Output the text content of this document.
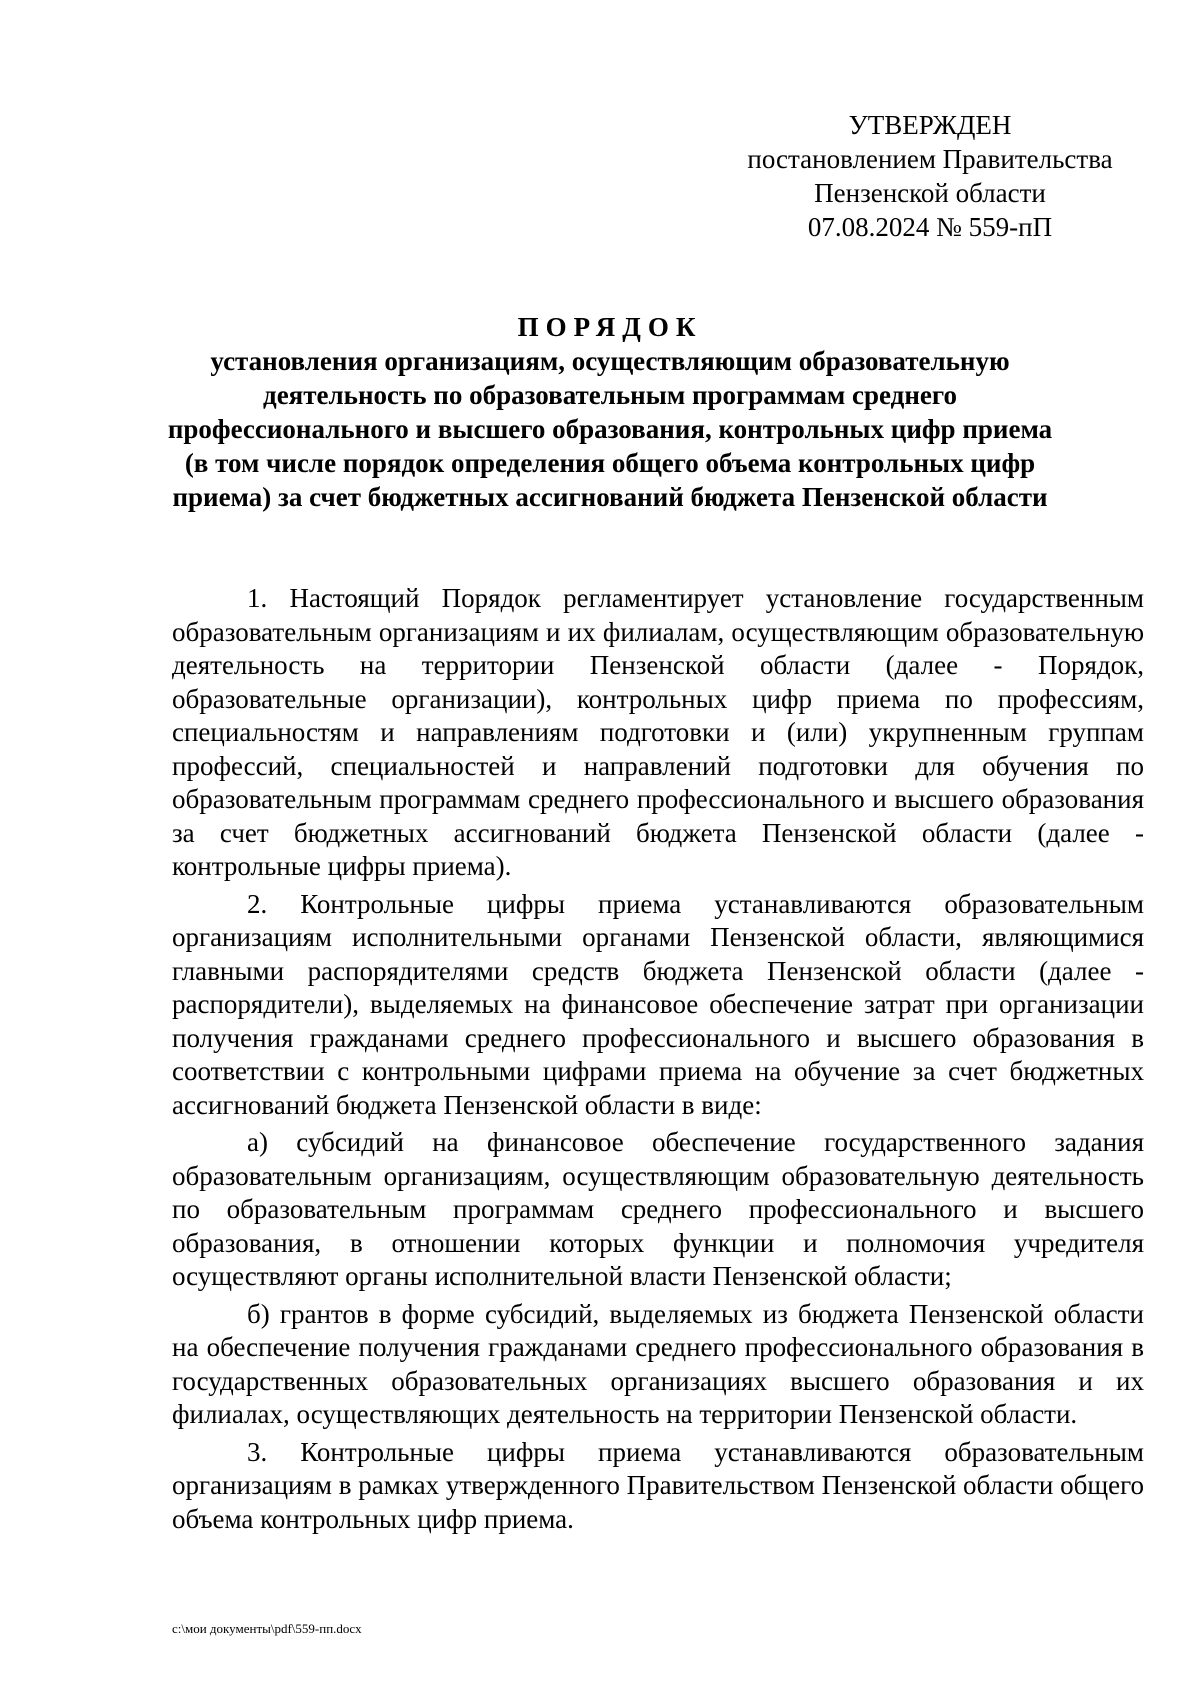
УТВЕРЖДЕН
постановлением Правительства
Пензенской области
07.08.2024 № 559-пП
ПОРЯДОК
установления организациям, осуществляющим образовательную
деятельность по образовательным программам среднего
профессионального и высшего образования, контрольных цифр приема
(в том числе порядок определения общего объема контрольных цифр
приема) за счет бюджетных ассигнований бюджета Пензенской области

1. Настоящий Порядок регламентирует установление государственным образовательным организациям и их филиалам, осуществляющим образовательную деятельность на территории Пензенской области (далее - Порядок, образовательные организации), контрольных цифр приема по профессиям, специальностям и направлениям подготовки и (или) укрупненным группам профессий, специальностей и направлений подготовки для обучения по образовательным программам среднего профессионального и высшего образования за счет бюджетных ассигнований бюджета Пензенской области (далее - контрольные цифры приема).

2. Контрольные цифры приема устанавливаются образовательным организациям исполнительными органами Пензенской области, являющимися главными распорядителями средств бюджета Пензенской области (далее - распорядители), выделяемых на финансовое обеспечение затрат при организации получения гражданами среднего профессионального и высшего образования в соответствии с контрольными цифрами приема на обучение за счет бюджетных ассигнований бюджета Пензенской области в виде:

а) субсидий на финансовое обеспечение государственного задания образовательным организациям, осуществляющим образовательную деятельность по образовательным программам среднего профессионального и высшего образования, в отношении которых функции и полномочия учредителя осуществляют органы исполнительной власти Пензенской области;

б) грантов в форме субсидий, выделяемых из бюджета Пензенской области на обеспечение получения гражданами среднего профессионального образования в государственных образовательных организациях высшего образования и их филиалах, осуществляющих деятельность на территории Пензенской области.

3. Контрольные цифры приема устанавливаются образовательным организациям в рамках утвержденного Правительством Пензенской области общего объема контрольных цифр приема.

c:\мои документы\pdf\559-пп.docx
